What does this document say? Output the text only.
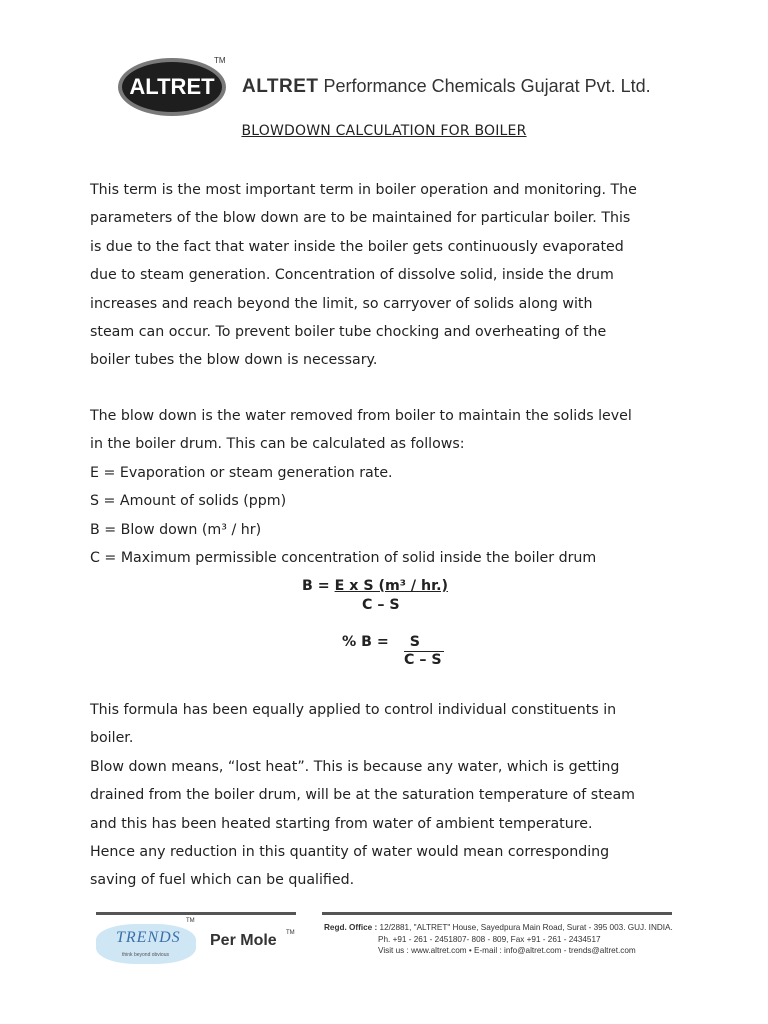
ALTRET
TM
ALTRET Performance Chemicals Gujarat Pvt. Ltd.
BLOWDOWN CALCULATION FOR BOILER

This term is the most important term in boiler operation and monitoring. The
parameters of the blow down are to be maintained for particular boiler. This
is due to the fact that water inside the boiler gets continuously evaporated
due to steam generation. Concentration of dissolve solid, inside the drum
increases and reach beyond the limit, so carryover of solids along with
steam can occur. To prevent boiler tube chocking and overheating of the
boiler tubes the blow down is necessary.

The blow down is the water removed from boiler to maintain the solids level
in the boiler drum. This can be calculated as follows:
E = Evaporation or steam generation rate.
S = Amount of solids (ppm)
B = Blow down (m³ / hr)
C = Maximum permissible concentration of solid inside the boiler drum

B = E x S (m³ / hr.)
C – S
% B = S
C – S

This formula has been equally applied to control individual constituents in
boiler.
Blow down means, “lost heat”. This is because any water, which is getting
drained from the boiler drum, will be at the saturation temperature of steam
and this has been heated starting from water of ambient temperature.
Hence any reduction in this quantity of water would mean corresponding
saving of fuel which can be qualified.

TRENDS
think beyond obvious
TM
Per Mole TM
Regd. Office : 12/2881, "ALTRET" House, Sayedpura Main Road, Surat - 395 003. GUJ. INDIA.
Ph. +91 - 261 - 2451807- 808 - 809, Fax +91 - 261 - 2434517
Visit us : www.altret.com • E-mail : info@altret.com - trends@altret.com
